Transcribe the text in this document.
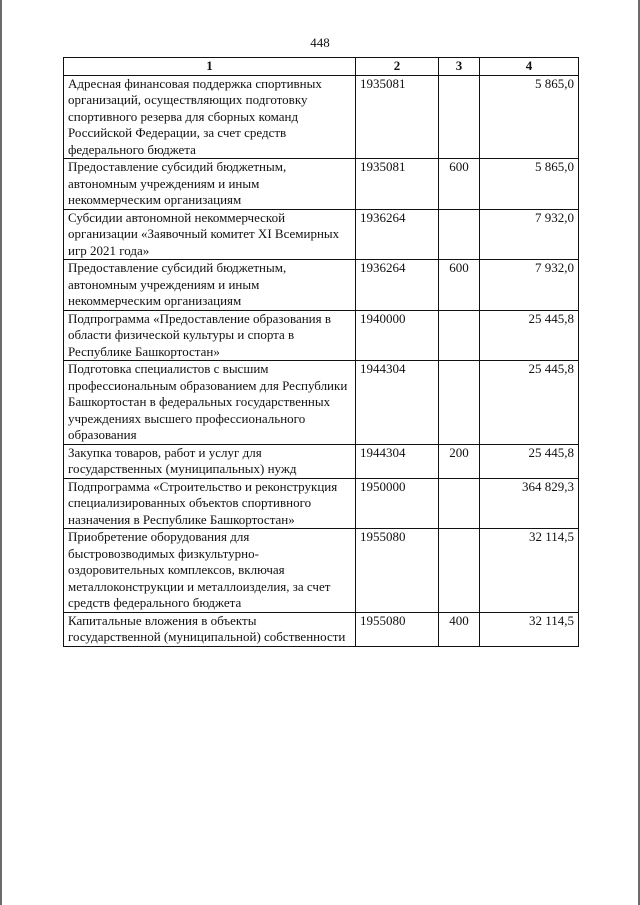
448
1	2	3	4
Адресная финансовая поддержка спортивных организаций, осуществляющих подготовку спортивного резерва для сборных команд Российской Федерации, за счет средств федерального бюджета	1935081		5 865,0
Предоставление субсидий бюджетным, автономным учреждениям и иным некоммерческим организациям	1935081	600	5 865,0
Субсидии автономной некоммерческой организации «Заявочный комитет XI Всемирных игр 2021 года»	1936264		7 932,0
Предоставление субсидий бюджетным, автономным учреждениям и иным некоммерческим организациям	1936264	600	7 932,0
Подпрограмма «Предоставление образования в области физической культуры и спорта в Республике Башкортостан»	1940000		25 445,8
Подготовка специалистов с высшим профессиональным образованием для Республики Башкортостан в федеральных государственных учреждениях высшего профессионального образования	1944304		25 445,8
Закупка товаров, работ и услуг для государственных (муниципальных) нужд	1944304	200	25 445,8
Подпрограмма «Строительство и реконструкция специализированных объектов спортивного назначения в Республике Башкортостан»	1950000		364 829,3
Приобретение оборудования для быстровозводимых физкультурно-оздоровительных комплексов, включая металлоконструкции и металлоизделия, за счет средств федерального бюджета	1955080		32 114,5
Капитальные вложения в объекты государственной (муниципальной) собственности	1955080	400	32 114,5
